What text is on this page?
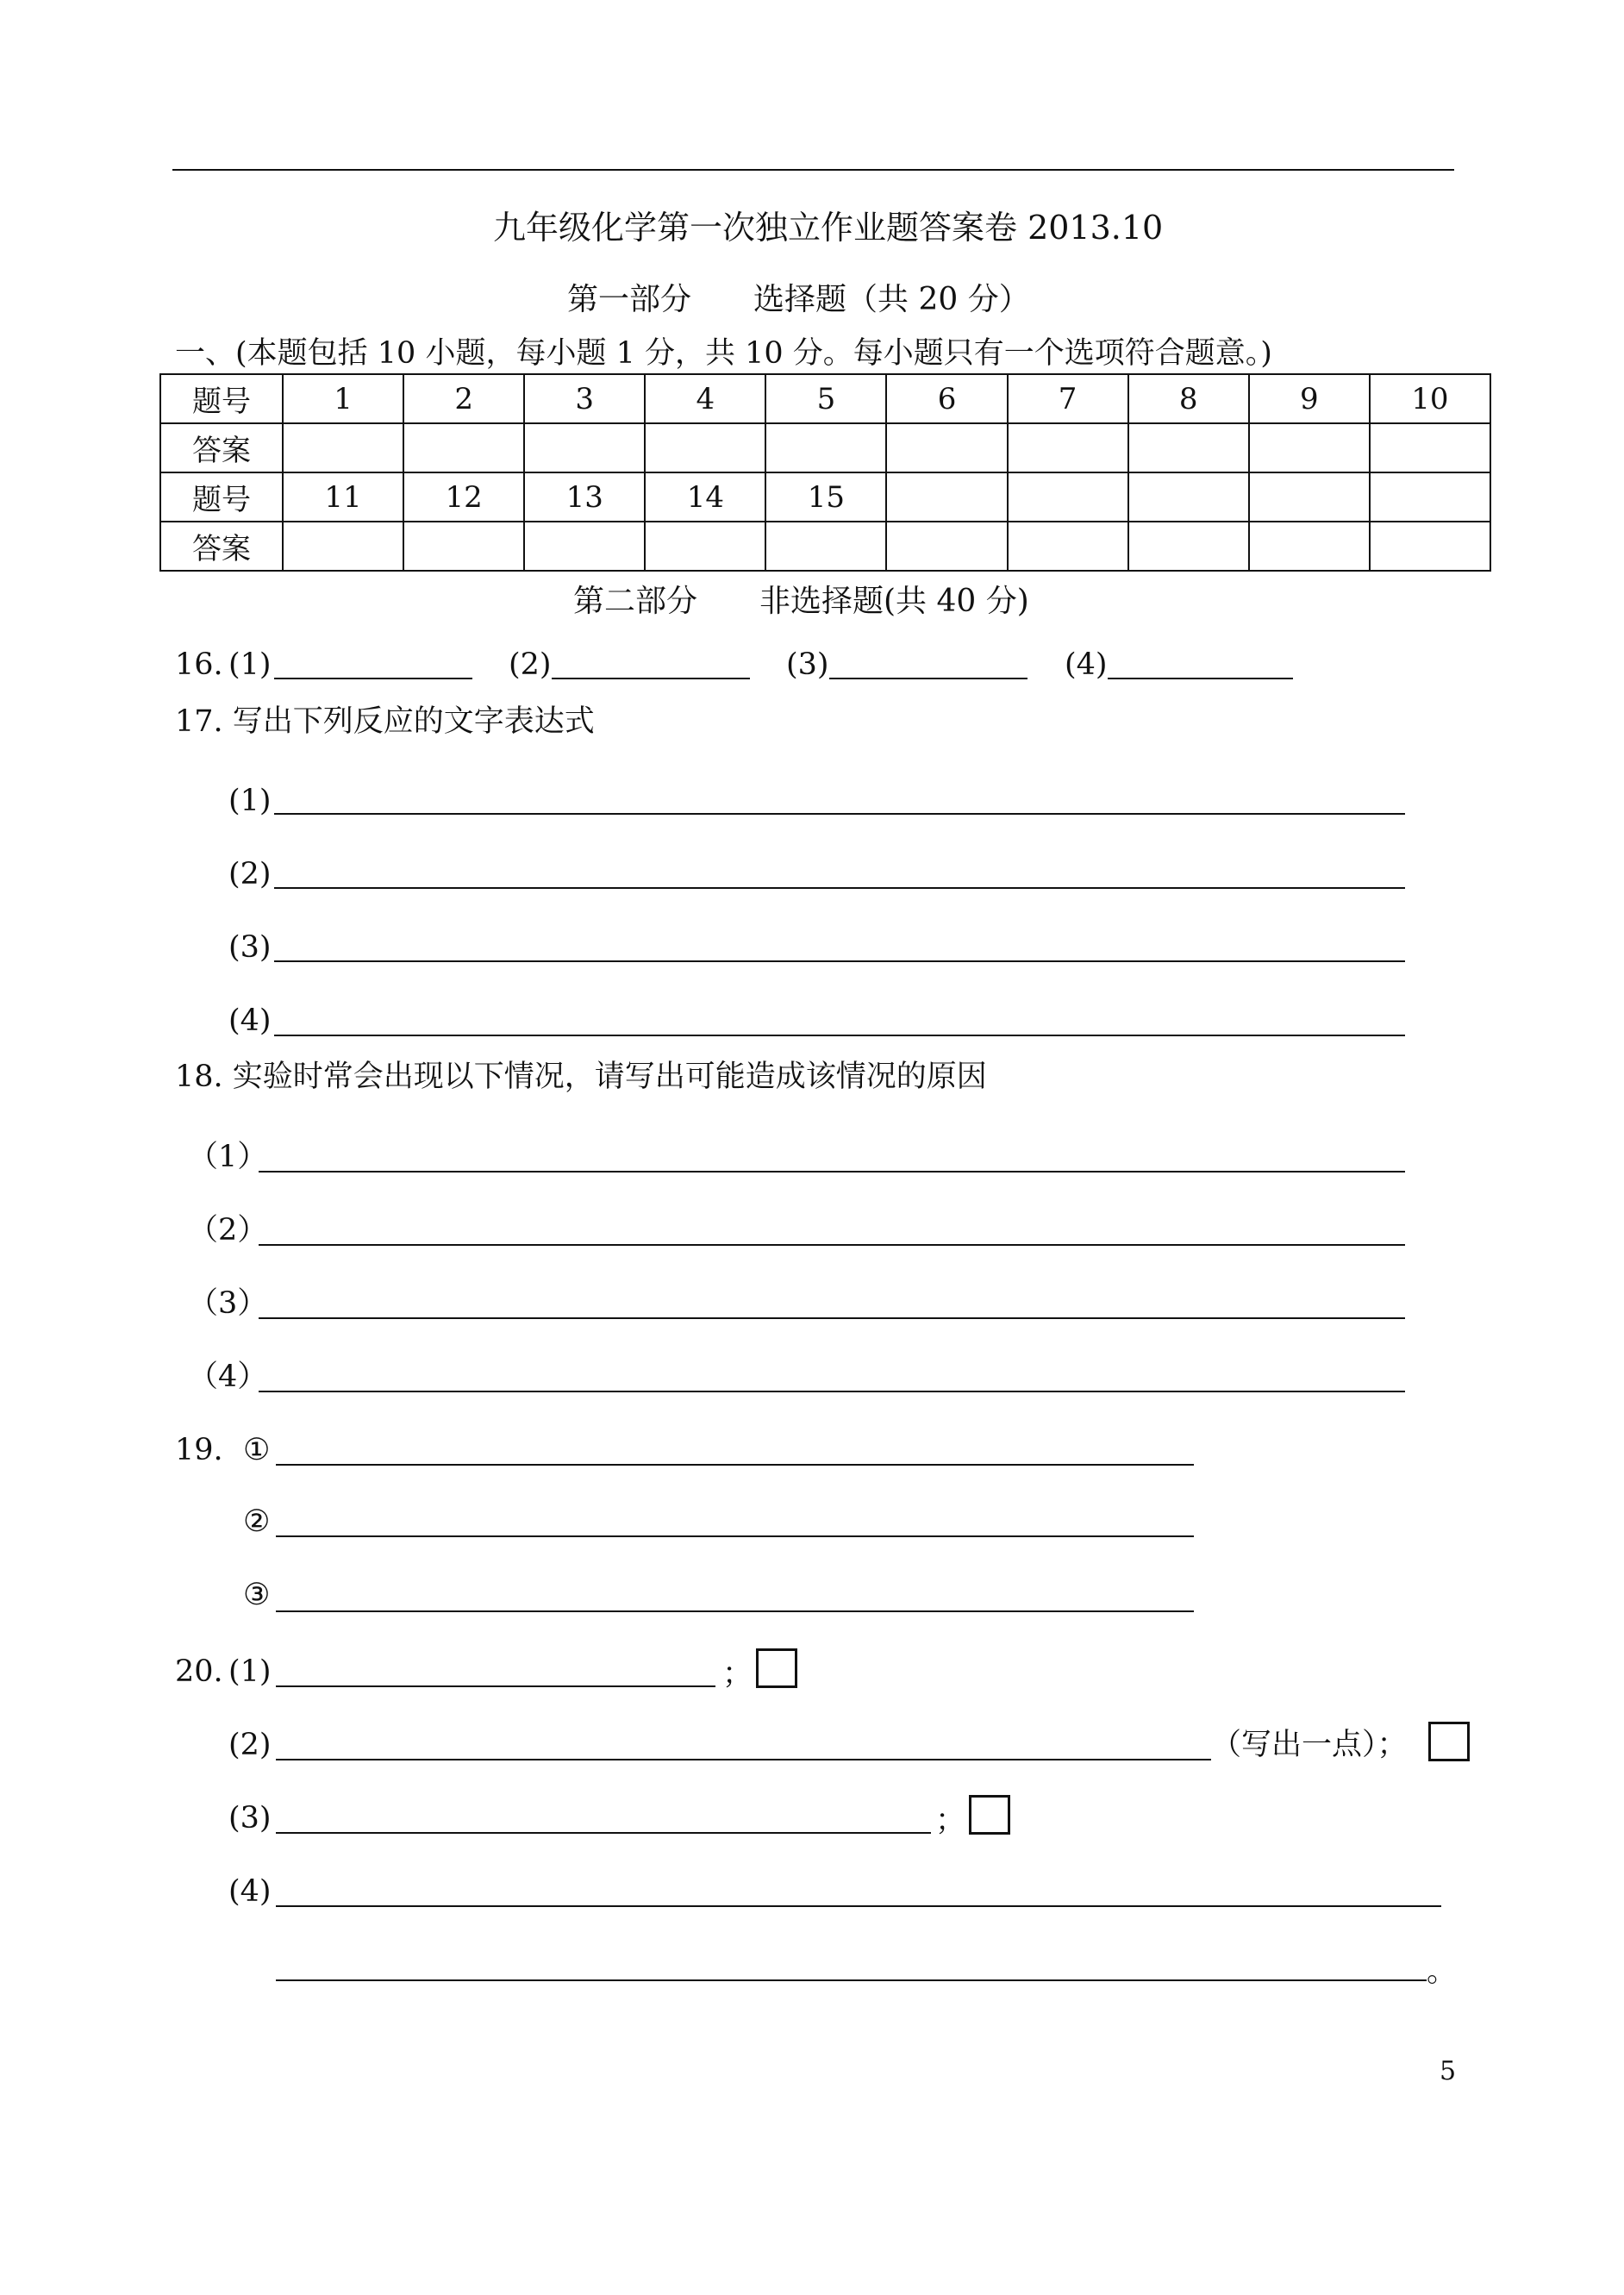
九年级化学第一次独立作业题答案卷 2013.10
第一部分　　选择题（共 20 分）
一、(本题包括 10 小题，每小题 1 分，共 10 分。每小题只有一个选项符合题意。)
题号	1	2	3	4	5	6	7	8	9	10
答案										
题号	11	12	13	14	15					
答案										
第二部分　　非选择题(共 40 分)
16. (1)	(2)	(3)	(4)
17. 写出下列反应的文字表达式
(1)
(2)
(3)
(4)
18. 实验时常会出现以下情况，请写出可能造成该情况的原因
（1）
（2）
（3）
（4）
19. ①
②
③
20. (1)	；
(2)	（写出一点）；
(3)	；
(4)
。
5
